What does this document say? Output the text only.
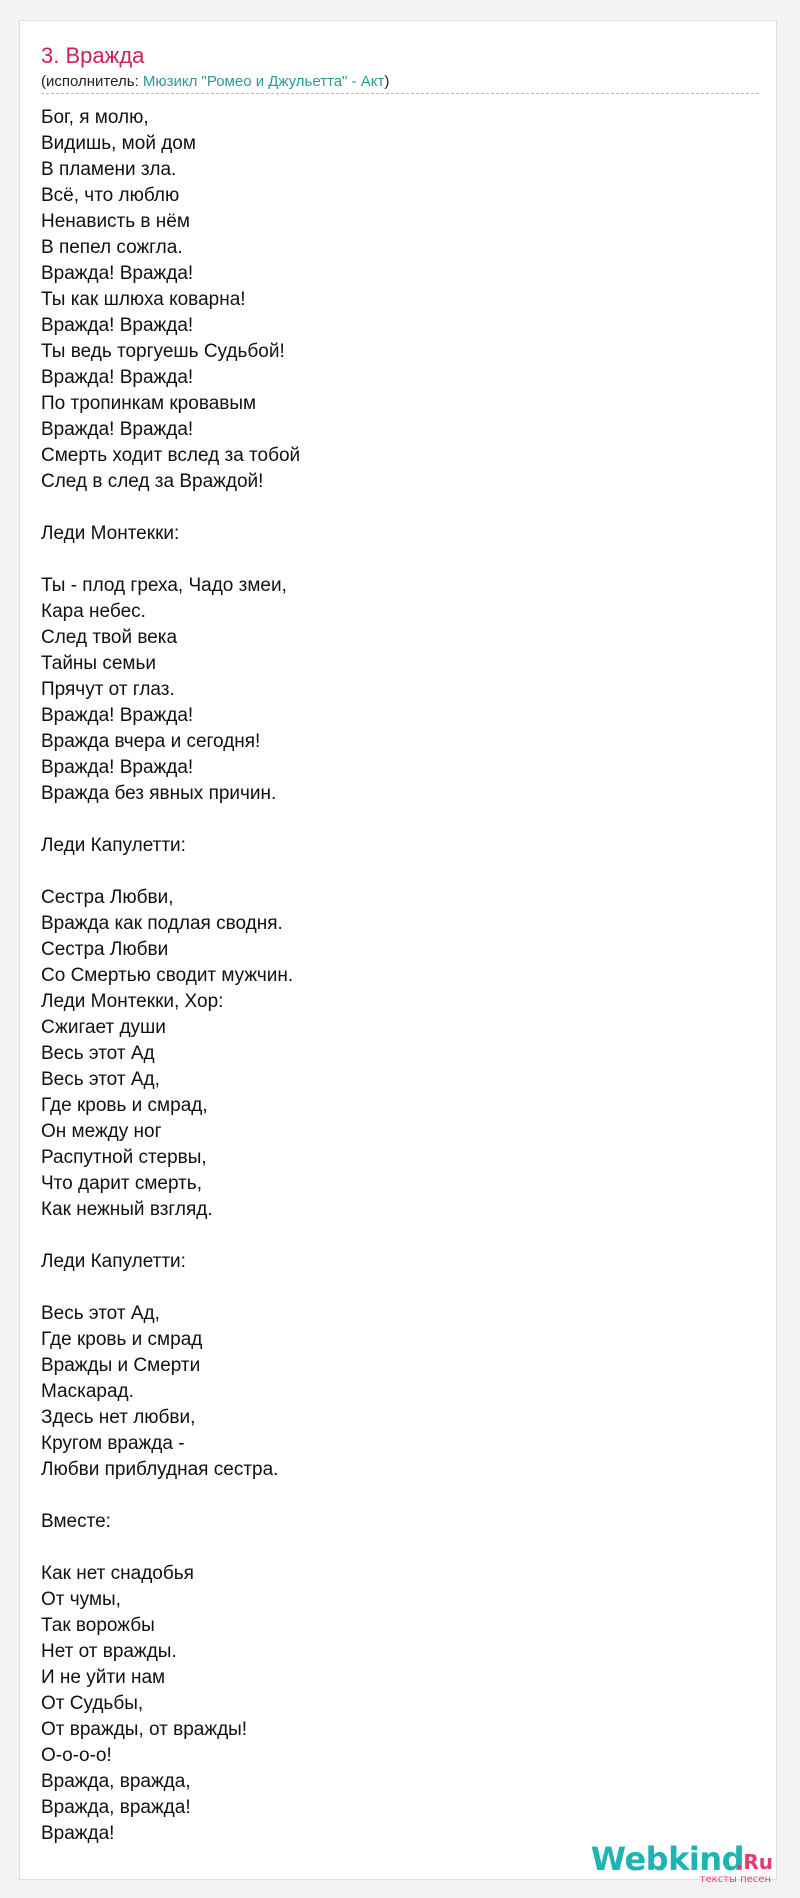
3. Вражда
(исполнитель: Мюзикл "Ромео и Джульетта" - Акт)
Бог, я молю,
Видишь, мой дом
В пламени зла.
Всё, что люблю
Ненависть в нём
В пепел сожгла.
Вражда! Вражда!
Ты как шлюха коварна!
Вражда! Вражда!
Ты ведь торгуешь Судьбой!
Вражда! Вражда!
По тропинкам кровавым
Вражда! Вражда!
Смерть ходит вслед за тобой
След в след за Враждой!
Леди Монтекки:
Ты - плод греха, Чадо змеи,
Кара небес.
След твой века
Тайны семьи
Прячут от глаз.
Вражда! Вражда!
Вражда вчера и сегодня!
Вражда! Вражда!
Вражда без явных причин.
Леди Капулетти:
Сестра Любви,
Вражда как подлая сводня.
Сестра Любви
Со Смертью сводит мужчин.
Леди Монтекки, Хор:
Сжигает души
Весь этот Ад
Весь этот Ад,
Где кровь и смрад,
Он между ног
Распутной стервы,
Что дарит смерть,
Как нежный взгляд.
Леди Капулетти:
Весь этот Ад,
Где кровь и смрад
Вражды и Смерти
Маскарад.
Здесь нет любви,
Кругом вражда -
Любви приблудная сестра.
Вместе:
Как нет снадобья
От чумы,
Так ворожбы
Нет от вражды.
И не уйти нам
От Судьбы,
От вражды, от вражды!
О-о-о-о!
Вражда, вражда,
Вражда, вражда!
Вражда!
Webkind
.Ru
тексты песен
